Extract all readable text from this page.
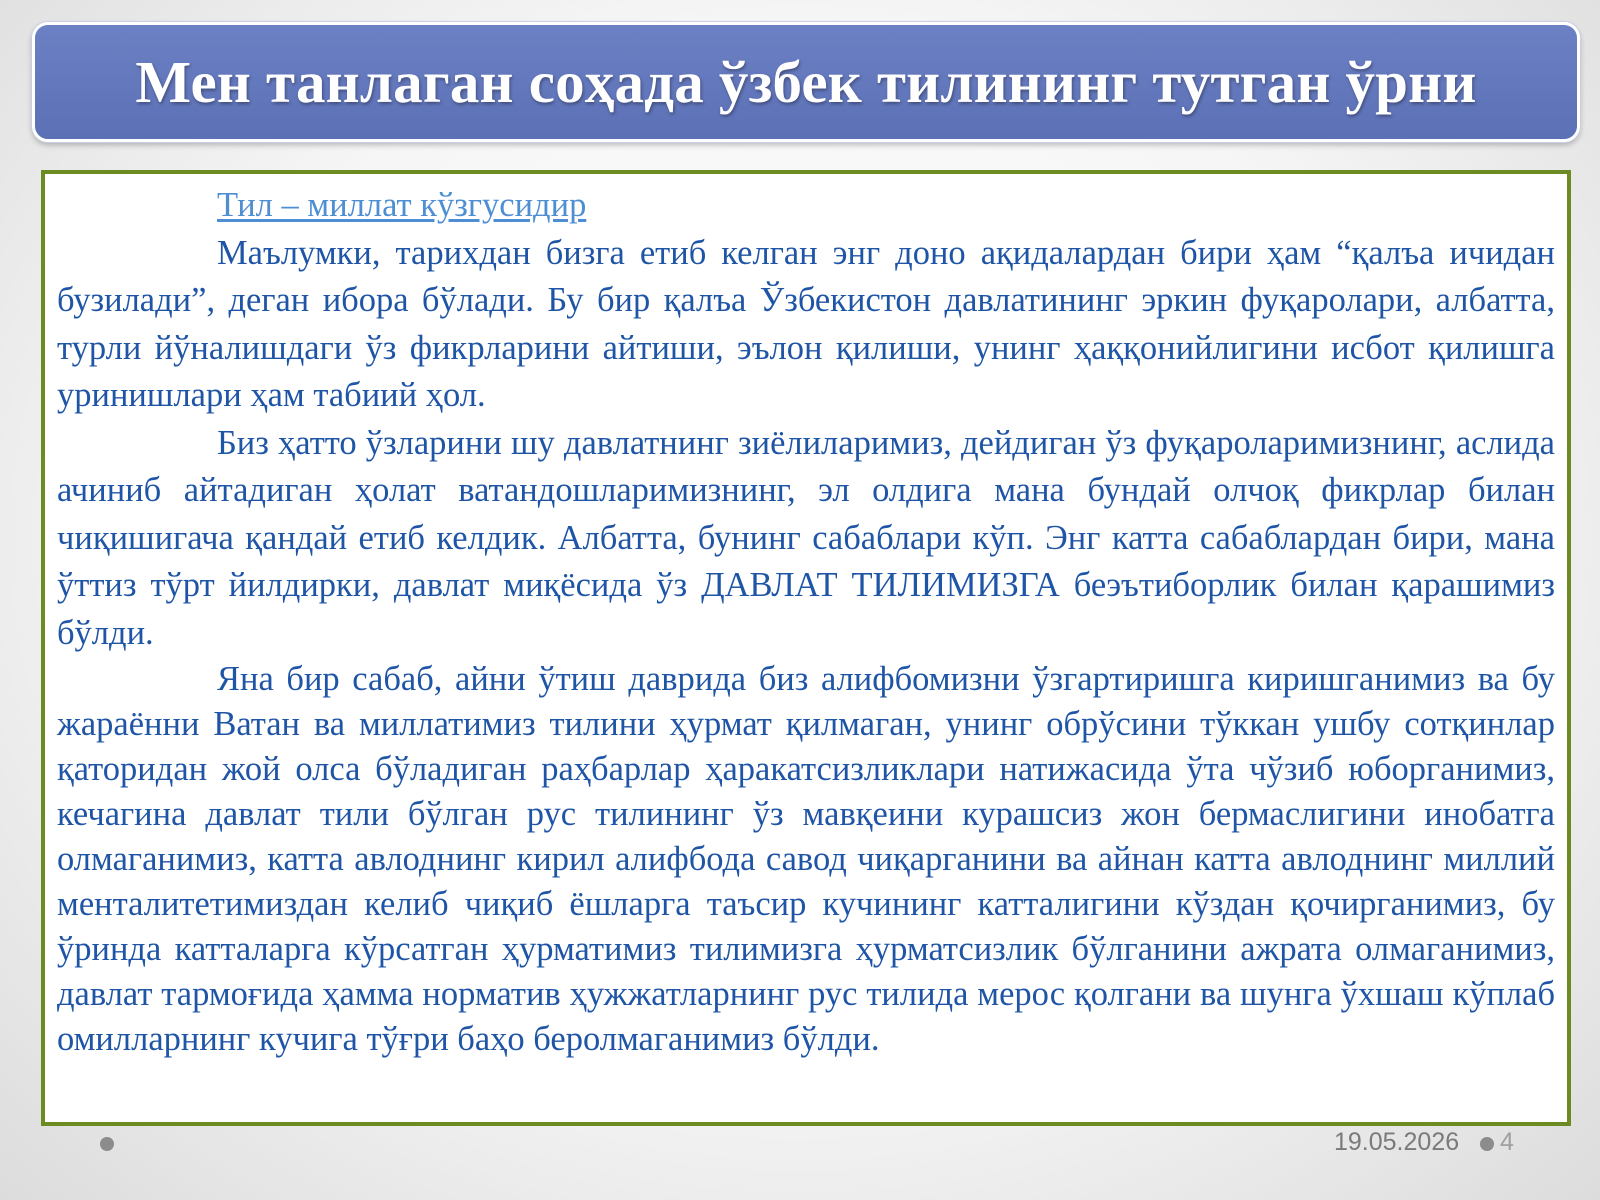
Мен танлаган соҳада ўзбек тилининг тутган ўрни

Тил – миллат кўзгусидир

Маълумки, тарихдан бизга етиб келган энг доно ақидалардан бири ҳам “қалъа ичидан бузилади”, деган ибора бўлади. Бу бир қалъа Ўзбекистон давлатининг эркин фуқаролари, албатта, турли йўналишдаги ўз фикрларини айтиши, эълон қилиши, унинг ҳаққонийлигини исбот қилишга уринишлари ҳам табиий ҳол.

Биз ҳатто ўзларини шу давлатнинг зиёлиларимиз, дейдиган ўз фуқароларимизнинг, аслида ачиниб айтадиган ҳолат ватандошларимизнинг, эл олдига мана бундай олчоқ фикрлар билан чиқишигача қандай етиб келдик. Албатта, бунинг сабаблари кўп. Энг катта сабаблардан бири, мана ўттиз тўрт йилдирки, давлат миқёсида ўз ДАВЛАТ ТИЛИМИЗГА беэътиборлик билан қарашимиз бўлди.

Яна бир сабаб, айни ўтиш даврида биз алифбомизни ўзгартиришга киришганимиз ва бу жараённи Ватан ва миллатимиз тилини ҳурмат қилмаган, унинг обрўсини тўккан ушбу сотқинлар қаторидан жой олса бўладиган раҳбарлар ҳаракатсизликлари натижасида ўта чўзиб юборганимиз, кечагина давлат тили бўлган рус тилининг ўз мавқеини курашсиз жон бермаслигини инобатга олмаганимиз, катта авлоднинг кирил алифбода савод чиқарганини ва айнан катта авлоднинг миллий менталитетимиздан келиб чиқиб ёшларга таъсир кучининг катталигини кўздан қочирганимиз, бу ўринда катталарга кўрсатган ҳурматимиз тилимизга ҳурматсизлик бўлганини ажрата олмаганимиз, давлат тармоғида ҳамма норматив ҳужжатларнинг рус тилида мерос қолгани ва шунга ўхшаш кўплаб омилларнинг кучига тўғри баҳо беролмаганимиз бўлди.

19.05.2026 4
